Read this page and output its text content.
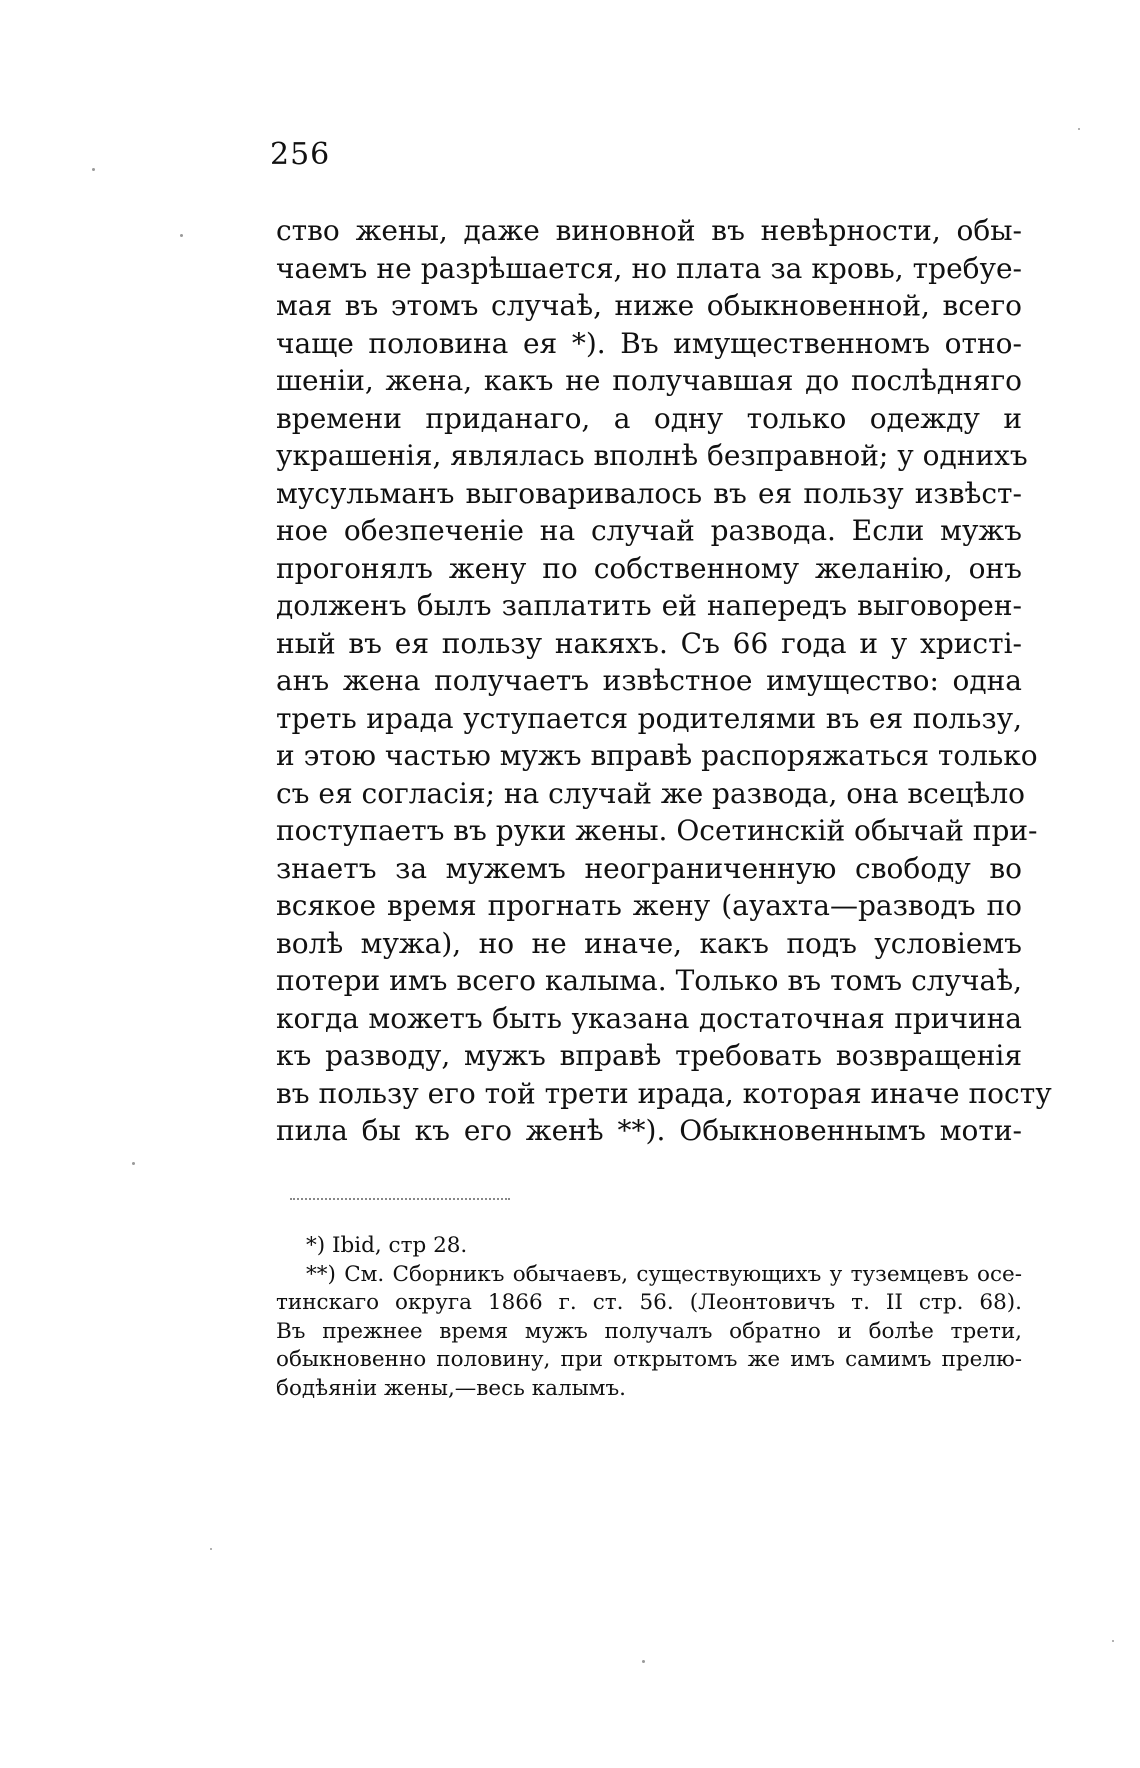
256
ство жены, даже виновной въ невѣрности, обы-
чаемъ не разрѣшается, но плата за кровь, требуе-
мая въ этомъ случаѣ, ниже обыкновенной, всего
чаще половина ея *). Въ имущественномъ отно-
шеніи, жена, какъ не получавшая до послѣдняго
времени приданаго, а одну только одежду и
украшенія, являлась вполнѣ безправной; у однихъ
мусульманъ выговаривалось въ ея пользу извѣст-
ное обезпеченіе на случай развода. Если мужъ
прогонялъ жену по собственному желанію, онъ
долженъ былъ заплатить ей напередъ выговорен-
ный въ ея пользу накяхъ. Съ 66 года и у христі-
анъ жена получаетъ извѣстное имущество: одна
треть ирада уступается родителями въ ея пользу,
и этою частью мужъ вправѣ распоряжаться только
съ ея согласія; на случай же развода, она всецѣло
поступаетъ въ руки жены. Осетинскій обычай при-
знаетъ за мужемъ неограниченную свободу во
всякое время прогнать жену (ауахта—разводъ по
волѣ мужа), но не иначе, какъ подъ условіемъ
потери имъ всего калыма. Только въ томъ случаѣ,
когда можетъ быть указана достаточная причина
къ разводу, мужъ вправѣ требовать возвращенія
въ пользу его той трети ирада, которая иначе посту
пила бы къ его женѣ **). Обыкновеннымъ моти-
*) Ibid, стр 28.
**) См. Сборникъ обычаевъ, существующихъ у туземцевъ осе-
тинскаго округа 1866 г. ст. 56. (Леонтовичъ т. II стр. 68).
Въ прежнее время мужъ получалъ обратно и болѣе трети,
обыкновенно половину, при открытомъ же имъ самимъ прелю-
бодѣяніи жены,—весь калымъ.
